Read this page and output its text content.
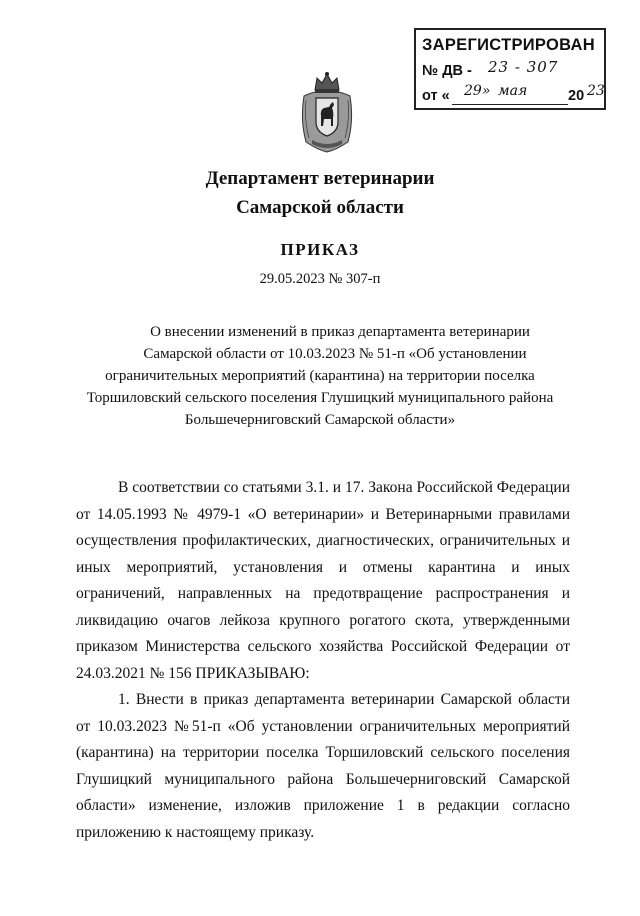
ЗАРЕГИСТРИРОВАН
№ ДВ - 23 - 307
от « 29» мая	20 23
Департамент ветеринарии
Самарской области
ПРИКАЗ
29.05.2023 № 307-п
О внесении изменений в приказ департамента ветеринарии
Самарской области от 10.03.2023 № 51-п «Об установлении
ограничительных мероприятий (карантина) на территории поселка
Торшиловский сельского поселения Глушицкий муниципального района
Большечерниговский Самарской области»
В соответствии со статьями 3.1. и 17. Закона Российской Федерации
от 14.05.1993 № 4979-1 «О ветеринарии» и Ветеринарными правилами
осуществления профилактических, диагностических, ограничительных и
иных мероприятий, установления и отмены карантина и иных
ограничений, направленных на предотвращение распространения и
ликвидацию очагов лейкоза крупного рогатого скота, утвержденными
приказом Министерства сельского хозяйства Российской Федерации от
24.03.2021 № 156 ПРИКАЗЫВАЮ:
1. Внести в приказ департамента ветеринарии Самарской области
от 10.03.2023 №51-п «Об установлении ограничительных мероприятий
(карантина) на территории поселка Торшиловский сельского поселения
Глушицкий муниципального района Большечерниговский Самарской
области» изменение, изложив приложение 1 в редакции согласно
приложению к настоящему приказу.
